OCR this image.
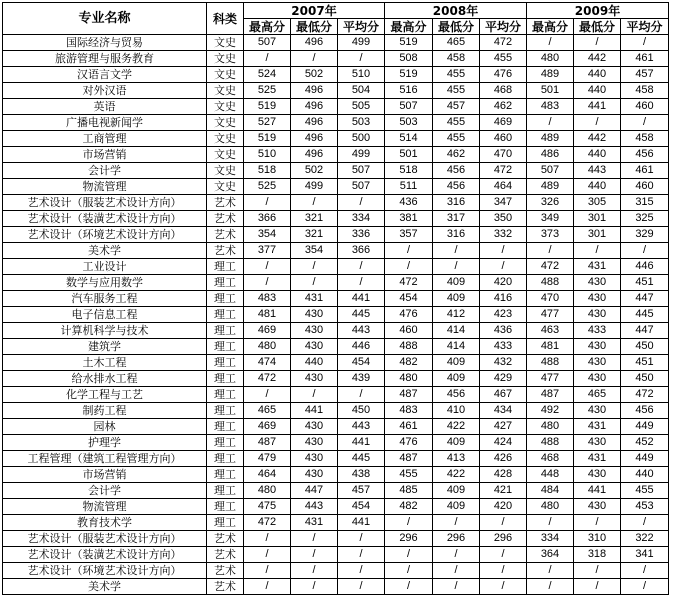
专业名称	科类	2007年			2008年			2009年		
		最高分	最低分	平均分	最高分	最低分	平均分	最高分	最低分	平均分
国际经济与贸易	文史	507	496	499	519	465	472	/	/	/
旅游管理与服务教育	文史	/	/	/	508	458	455	480	442	461
汉语言文学	文史	524	502	510	519	455	476	489	440	457
对外汉语	文史	525	496	504	516	455	468	501	440	458
英语	文史	519	496	505	507	457	462	483	441	460
广播电视新闻学	文史	527	496	503	503	455	469	/	/	/
工商管理	文史	519	496	500	514	455	460	489	442	458
市场营销	文史	510	496	499	501	462	470	486	440	456
会计学	文史	518	502	507	518	456	472	507	443	461
物流管理	文史	525	499	507	511	456	464	489	440	460
艺术设计（服装艺术设计方向）	艺术	/	/	/	436	316	347	326	305	315
艺术设计（装潢艺术设计方向）	艺术	366	321	334	381	317	350	349	301	325
艺术设计（环境艺术设计方向）	艺术	354	321	336	357	316	332	373	301	329
美术学	艺术	377	354	366	/	/	/	/	/	/
工业设计	理工	/	/	/	/	/	/	472	431	446
数学与应用数学	理工	/	/	/	472	409	420	488	430	451
汽车服务工程	理工	483	431	441	454	409	416	470	430	447
电子信息工程	理工	481	430	445	476	412	423	477	430	445
计算机科学与技术	理工	469	430	443	460	414	436	463	433	447
建筑学	理工	480	430	446	488	414	433	481	430	450
土木工程	理工	474	440	454	482	409	432	488	430	451
给水排水工程	理工	472	430	439	480	409	429	477	430	450
化学工程与工艺	理工	/	/	/	487	456	467	487	465	472
制药工程	理工	465	441	450	483	410	434	492	430	456
园林	理工	469	430	443	461	422	427	480	431	449
护理学	理工	487	430	441	476	409	424	488	430	452
工程管理（建筑工程管理方向）	理工	479	430	445	487	413	426	468	431	449
市场营销	理工	464	430	438	455	422	428	448	430	440
会计学	理工	480	447	457	485	409	421	484	441	455
物流管理	理工	475	443	454	482	409	420	480	430	453
教育技术学	理工	472	431	441	/	/	/	/	/	/
艺术设计（服装艺术设计方向）	艺术	/	/	/	296	296	296	334	310	322
艺术设计（装潢艺术设计方向）	艺术	/	/	/	/	/	/	364	318	341
艺术设计（环境艺术设计方向）	艺术	/	/	/	/	/	/	/	/	/
美术学	艺术	/	/	/	/	/	/	/	/	/
